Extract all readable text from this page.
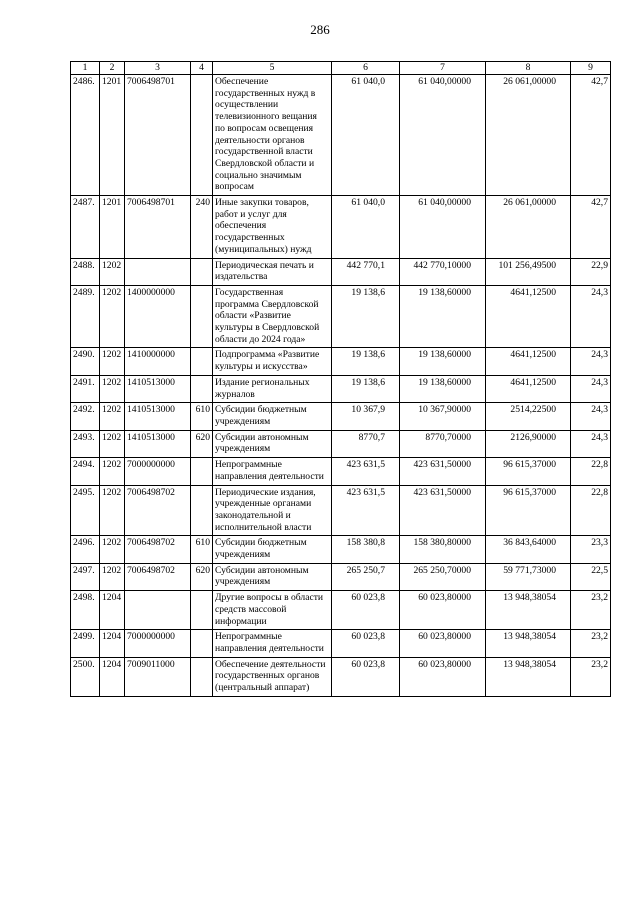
286
1	2	3	4	5	6	7	8	9
2486.	1201	7006498701		Обеспечение государственных нужд в осуществлении телевизионного вещания по вопросам освещения деятельности органов государственной власти Свердловской области и социально значимым вопросам	61 040,0	61 040,00000	26 061,00000	42,7
2487.	1201	7006498701	240	Иные закупки товаров, работ и услуг для обеспечения государственных (муниципальных) нужд	61 040,0	61 040,00000	26 061,00000	42,7
2488.	1202			Периодическая печать и издательства	442 770,1	442 770,10000	101 256,49500	22,9
2489.	1202	1400000000		Государственная программа Свердловской области «Развитие культуры в Свердловской области до 2024 года»	19 138,6	19 138,60000	4641,12500	24,3
2490.	1202	1410000000		Подпрограмма «Развитие культуры и искусства»	19 138,6	19 138,60000	4641,12500	24,3
2491.	1202	1410513000		Издание региональных журналов	19 138,6	19 138,60000	4641,12500	24,3
2492.	1202	1410513000	610	Субсидии бюджетным учреждениям	10 367,9	10 367,90000	2514,22500	24,3
2493.	1202	1410513000	620	Субсидии автономным учреждениям	8770,7	8770,70000	2126,90000	24,3
2494.	1202	7000000000		Непрограммные направления деятельности	423 631,5	423 631,50000	96 615,37000	22,8
2495.	1202	7006498702		Периодические издания, учрежденные органами законодательной и исполнительной власти	423 631,5	423 631,50000	96 615,37000	22,8
2496.	1202	7006498702	610	Субсидии бюджетным учреждениям	158 380,8	158 380,80000	36 843,64000	23,3
2497.	1202	7006498702	620	Субсидии автономным учреждениям	265 250,7	265 250,70000	59 771,73000	22,5
2498.	1204			Другие вопросы в области средств массовой информации	60 023,8	60 023,80000	13 948,38054	23,2
2499.	1204	7000000000		Непрограммные направления деятельности	60 023,8	60 023,80000	13 948,38054	23,2
2500.	1204	7009011000		Обеспечение деятельности государственных органов (центральный аппарат)	60 023,8	60 023,80000	13 948,38054	23,2
